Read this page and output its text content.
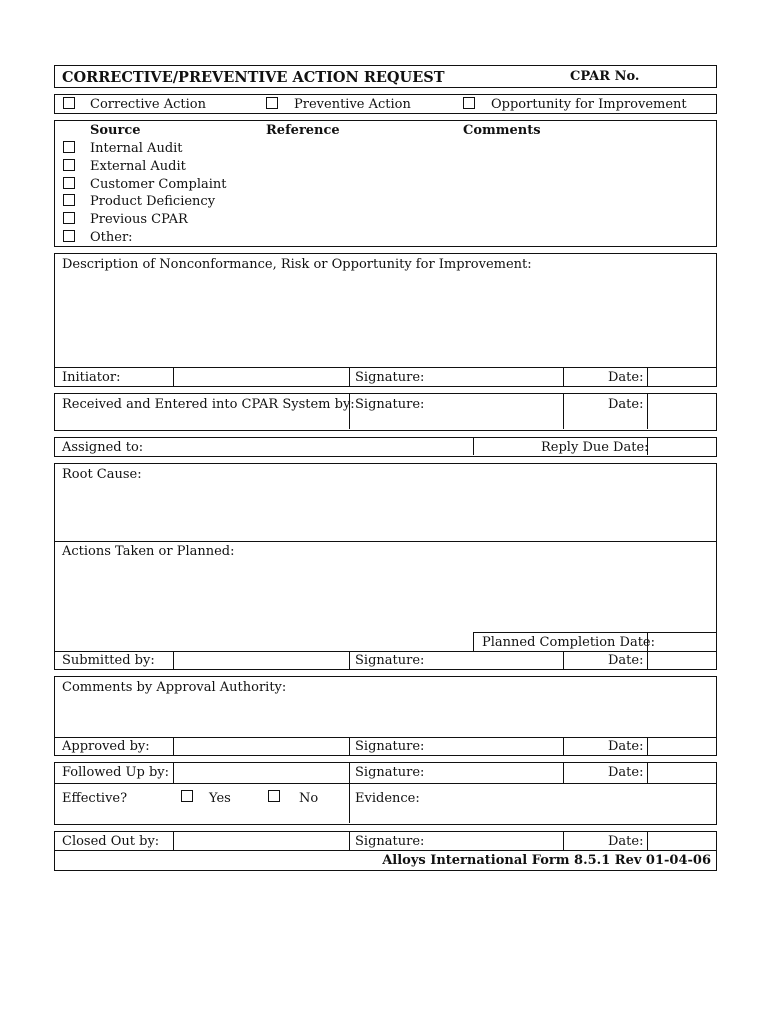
CORRECTIVE/PREVENTIVE ACTION REQUEST	CPAR No.
Corrective Action	Preventive Action	Opportunity for Improvement
Source	Reference	Comments
Internal Audit
External Audit
Customer Complaint
Product Deficiency
Previous CPAR
Other:
Description of Nonconformance, Risk or Opportunity for Improvement:
Initiator:	Signature:	Date:
Received and Entered into CPAR System by: Signature:	Date:
Assigned to:	Reply Due Date:
Root Cause:
Actions Taken or Planned:
Planned Completion Date:
Submitted by:	Signature:	Date:
Comments by Approval Authority:
Approved by:	Signature:	Date:
Followed Up by:	Signature:	Date:
Effective?	Yes	No	Evidence:
Closed Out by:	Signature:	Date:
Alloys International Form 8.5.1 Rev 01-04-06
